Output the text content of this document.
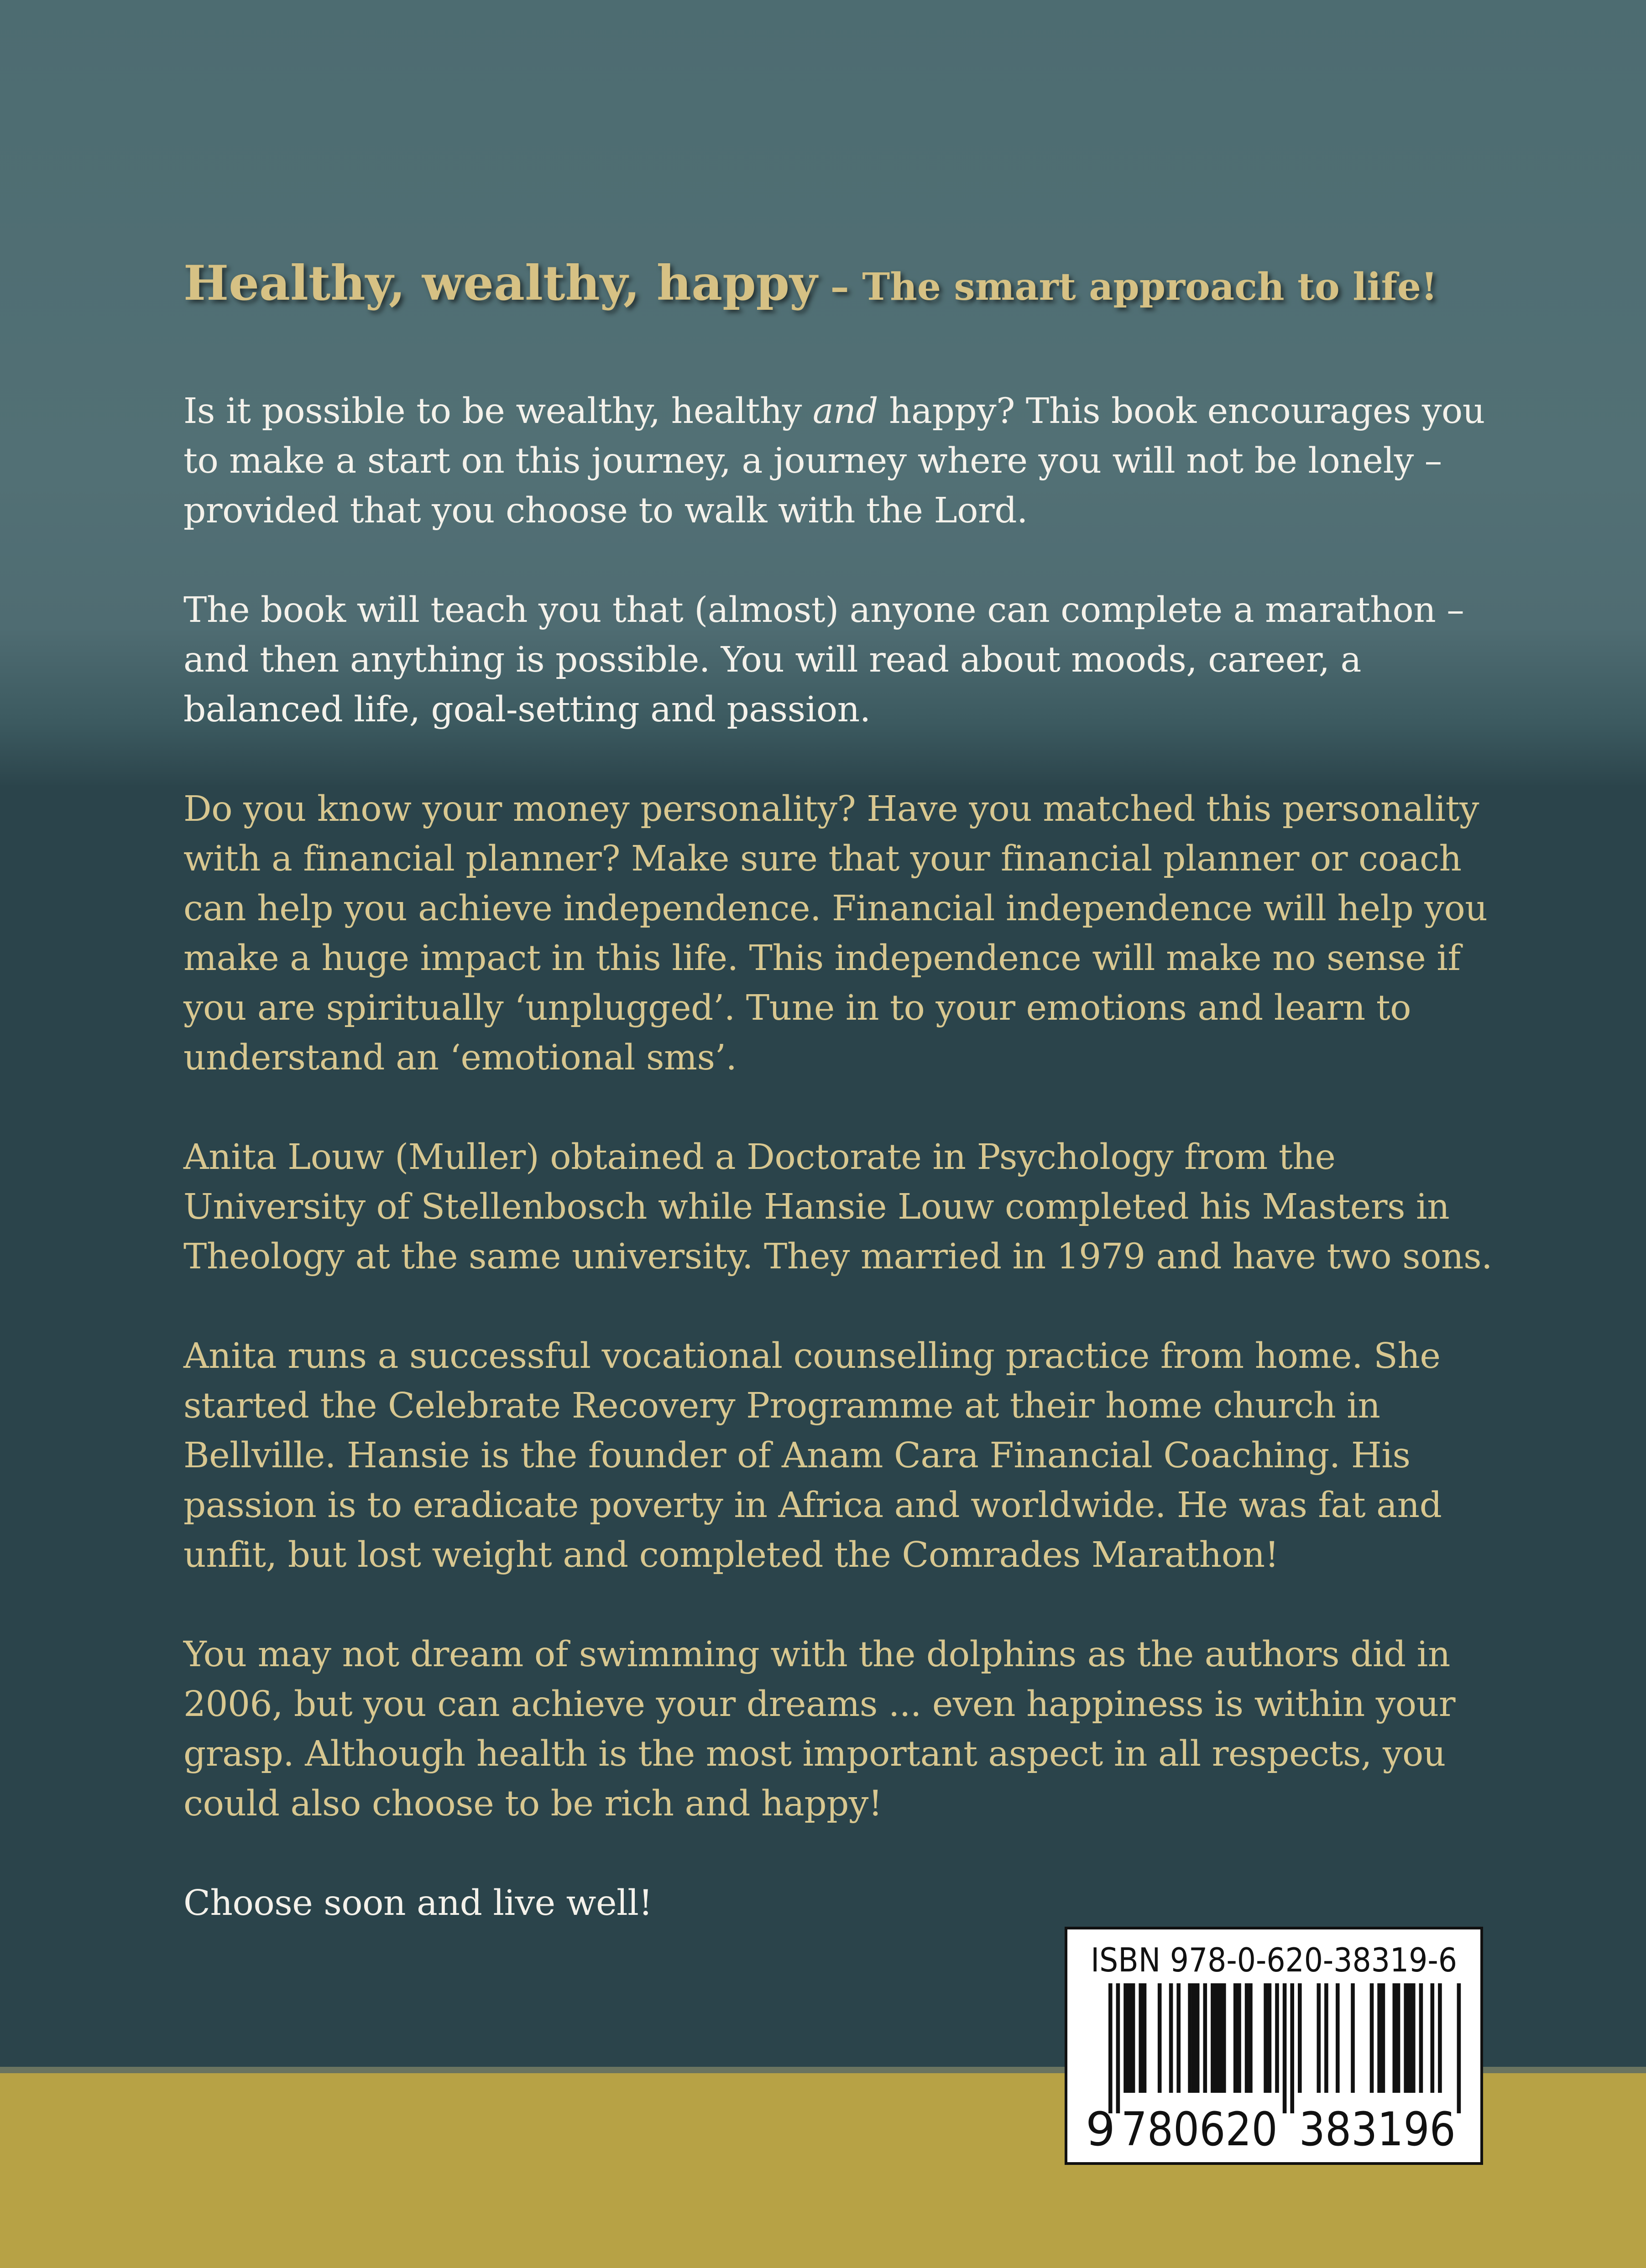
Healthy, wealthy, happy – The smart approach to life!

Is it possible to be wealthy, healthy and happy? This book encourages you to make a start on this journey, a journey where you will not be lonely – provided that you choose to walk with the Lord.

The book will teach you that (almost) anyone can complete a marathon – and then anything is possible. You will read about moods, career, a balanced life, goal-setting and passion.

Do you know your money personality? Have you matched this personality with a financial planner? Make sure that your financial planner or coach can help you achieve independence. Financial independence will help you make a huge impact in this life. This independence will make no sense if you are spiritually ‘unplugged’. Tune in to your emotions and learn to understand an ‘emotional sms’.

Anita Louw (Muller) obtained a Doctorate in Psychology from the University of Stellenbosch while Hansie Louw completed his Masters in Theology at the same university. They married in 1979 and have two sons.

Anita runs a successful vocational counselling practice from home. She started the Celebrate Recovery Programme at their home church in Bellville. Hansie is the founder of Anam Cara Financial Coaching. His passion is to eradicate poverty in Africa and worldwide. He was fat and unfit, but lost weight and completed the Comrades Marathon!

You may not dream of swimming with the dolphins as the authors did in 2006, but you can achieve your dreams ... even happiness is within your grasp. Although health is the most important aspect in all respects, you could also choose to be rich and happy!

Choose soon and live well!

ISBN 978-0-620-38319-6
9 780620 383196
